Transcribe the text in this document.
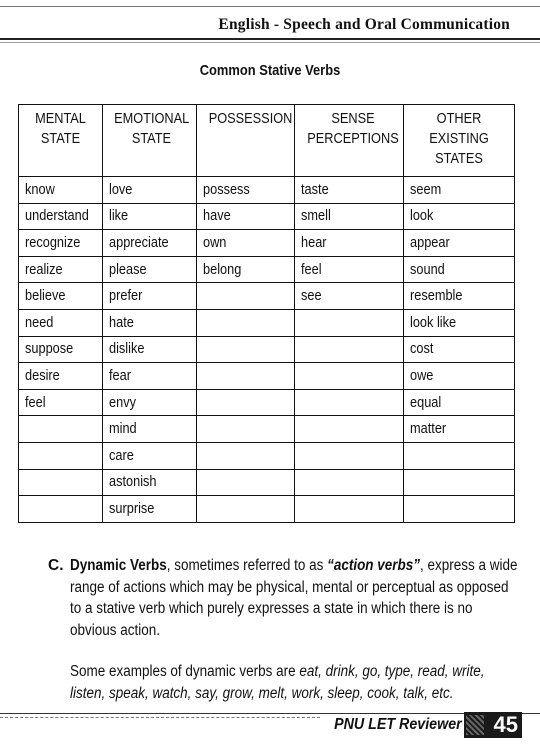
English - Speech and Oral Communication
Common Stative Verbs
MENTAL STATE	EMOTIONAL STATE	POSSESSION	SENSE PERCEPTIONS	OTHER EXISTING STATES
know	love	possess	taste	seem
understand	like	have	smell	look
recognize	appreciate	own	hear	appear
realize	please	belong	feel	sound
believe	prefer		see	resemble
need	hate			look like
suppose	dislike			cost
desire	fear			owe
feel	envy			equal
	mind			matter
	care			
	astonish			
	surprise			

C. Dynamic Verbs, sometimes referred to as “action verbs”, express a wide range of actions which may be physical, mental or perceptual as opposed to a stative verb which purely expresses a state in which there is no obvious action.

Some examples of dynamic verbs are eat, drink, go, type, read, write, listen, speak, watch, say, grow, melt, work, sleep, cook, talk, etc.

PNU LET Reviewer 45
